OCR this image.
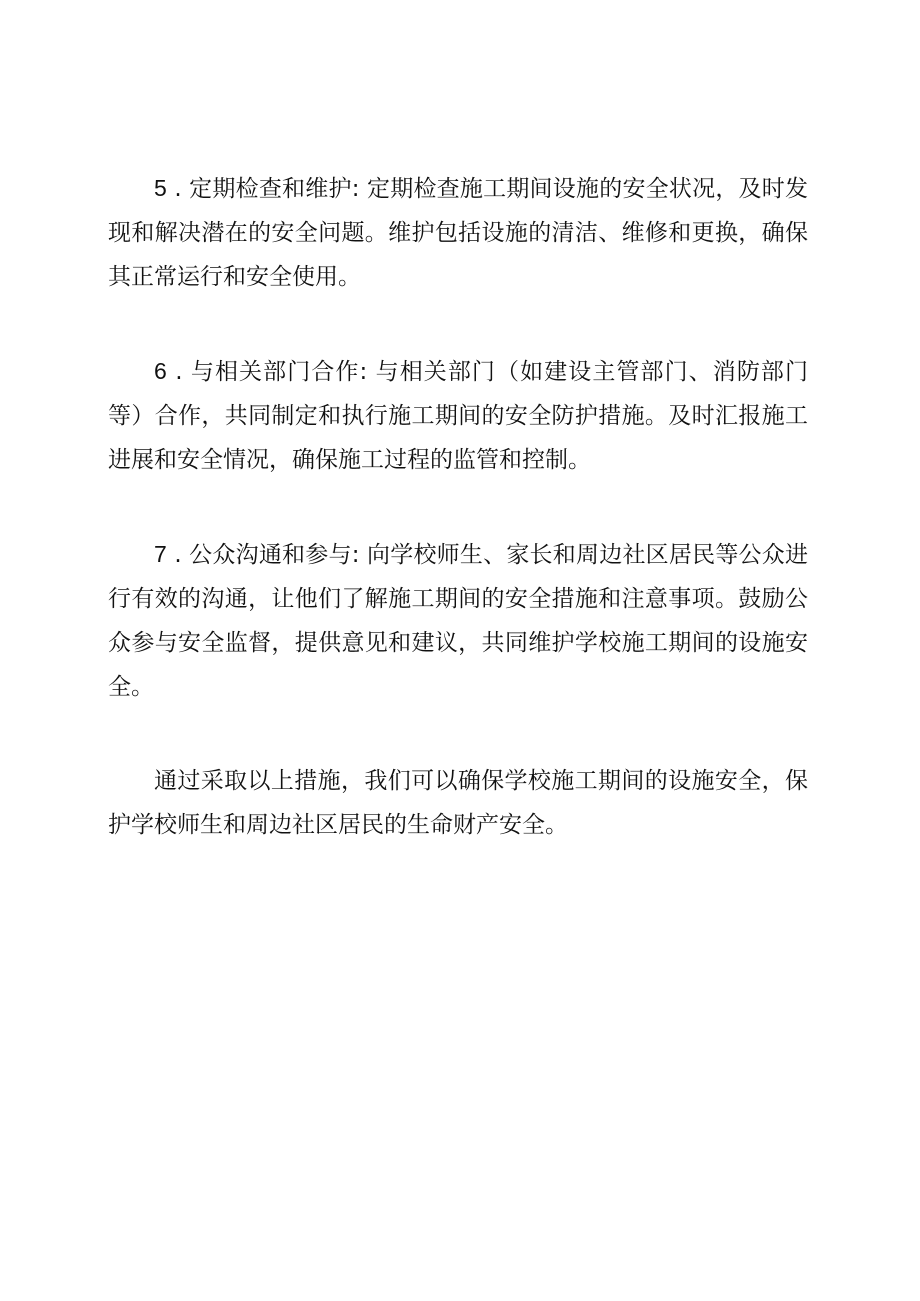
5 . 定期检查和维护: 定期检查施工期间设施的安全状况，及时发现和解决潜在的安全问题。维护包括设施的清洁、维修和更换，确保其正常运行和安全使用。

6 . 与相关部门合作: 与相关部门（如建设主管部门、消防部门等）合作，共同制定和执行施工期间的安全防护措施。及时汇报施工进展和安全情况，确保施工过程的监管和控制。

7 . 公众沟通和参与: 向学校师生、家长和周边社区居民等公众进行有效的沟通，让他们了解施工期间的安全措施和注意事项。鼓励公众参与安全监督，提供意见和建议，共同维护学校施工期间的设施安全。

通过采取以上措施，我们可以确保学校施工期间的设施安全，保护学校师生和周边社区居民的生命财产安全。
